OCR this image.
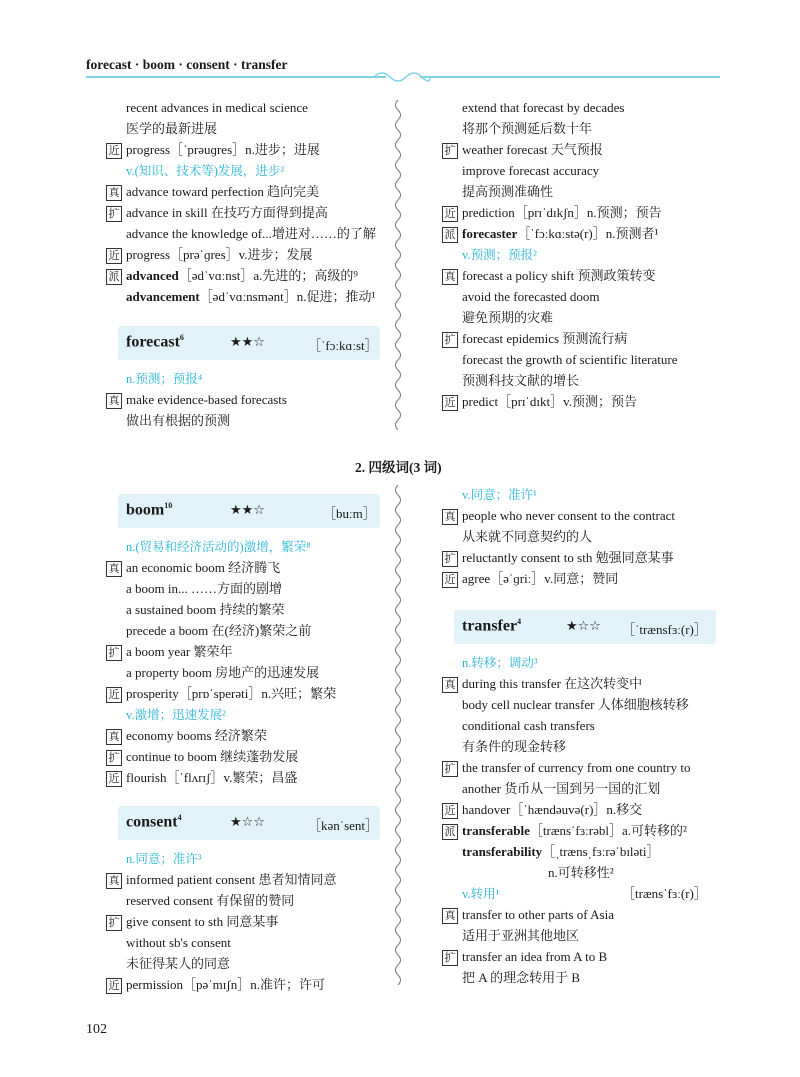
forecast · boom · consent · transfer
recent advances in medical science
医学的最新进展
近 progress［ˈprəuɡres］n.进步；进展
v.(知识、技术等)发展，进步²
真 advance toward perfection 趋向完美
扩 advance in skill 在技巧方面得到提高
advance the knowledge of...增进对……的了解
近 progress［prəˈɡres］v.进步；发展
派 advanced［ədˈvɑːnst］a.先进的；高级的⁹
advancement［ədˈvɑːnsmənt］n.促进；推动¹
forecast$^6$	★★☆	［ˈfɔːkɑːst］
n.预测；预报⁴
真 make evidence-based forecasts
做出有根据的预测
extend that forecast by decades
将那个预测延后数十年
扩 weather forecast 天气预报
improve forecast accuracy
提高预测准确性
近 prediction［prɪˈdɪkʃn］n.预测；预告
派 forecaster［ˈfɔːkɑːstə(r)］n.预测者¹
v.预测；预报²
真 forecast a policy shift 预测政策转变
avoid the forecasted doom
避免预期的灾难
扩 forecast epidemics 预测流行病
forecast the growth of scientific literature
预测科技文献的增长
近 predict［prɪˈdɪkt］v.预测；预告
2. 四级词(3 词)
boom$^{10}$	★★☆	［buːm］
n.(贸易和经济活动的)激增，繁荣⁸
真 an economic boom 经济腾飞
a boom in... ……方面的剧增
a sustained boom 持续的繁荣
precede a boom 在(经济)繁荣之前
扩 a boom year 繁荣年
a property boom 房地产的迅速发展
近 prosperity［prɒˈsperəti］n.兴旺；繁荣
v.激增；迅速发展²
真 economy booms 经济繁荣
扩 continue to boom 继续蓬勃发展
近 flourish［ˈflʌrɪʃ］v.繁荣；昌盛
consent$^4$	★☆☆	［kənˈsent］
n.同意；准许³
真 informed patient consent 患者知情同意
reserved consent 有保留的赞同
扩 give consent to sth 同意某事
without sb's consent
未征得某人的同意
近 permission［pəˈmɪʃn］n.准许；许可
v.同意；准许¹
真 people who never consent to the contract
从来就不同意契约的人
扩 reluctantly consent to sth 勉强同意某事
近 agree［əˈɡriː］v.同意；赞同
transfer$^4$	★☆☆ ［ˈtrænsfɜː(r)］
n.转移；调动³
真 during this transfer 在这次转变中
body cell nuclear transfer 人体细胞核转移
conditional cash transfers
有条件的现金转移
扩 the transfer of currency from one country to
another 货币从一国到另一国的汇划
近 handover［ˈhændəuvə(r)］n.移交
派 transferable［trænsˈfɜːrəbl］a.可转移的²
transferability［ˌtrænsˌfɜːrəˈbɪləti］
n.可转移性²
v.转用¹	［trænsˈfɜː(r)］
真 transfer to other parts of Asia
适用于亚洲其他地区
扩 transfer an idea from A to B
把 A 的理念转用于 B
102
